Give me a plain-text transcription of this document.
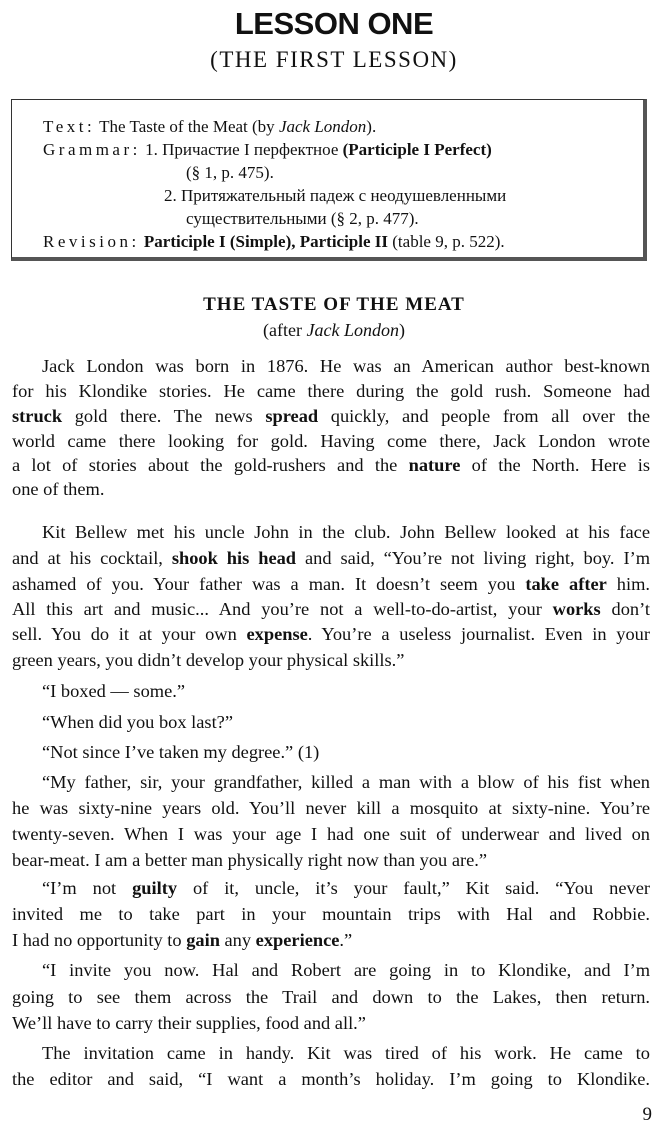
LESSON ONE
(THE FIRST LESSON)
Text: The Taste of the Meat (by Jack London).
Grammar: 1. Причастие I перфектное (Participle I Perfect)
(§ 1, p. 475).
2. Притяжательный падеж с неодушевленными
существительными (§ 2, p. 477).
Revision: Participle I (Simple), Participle II (table 9, p. 522).
THE TASTE OF THE MEAT
(after Jack London)
Jack London was born in 1876. He was an American author best-known
for his Klondike stories. He came there during the gold rush. Someone had
struck gold there. The news spread quickly, and people from all over the
world came there looking for gold. Having come there, Jack London wrote
a lot of stories about the gold-rushers and the nature of the North. Here is
one of them.
Kit Bellew met his uncle John in the club. John Bellew looked at his face
and at his cocktail, shook his head and said, “You’re not living right, boy. I’m
ashamed of you. Your father was a man. It doesn’t seem you take after him.
All this art and music... And you’re not a well-to-do-artist, your works don’t
sell. You do it at your own expense. You’re a useless journalist. Even in your
green years, you didn’t develop your physical skills.”
“I boxed — some.”
“When did you box last?”
“Not since I’ve taken my degree.” (1)
“My father, sir, your grandfather, killed a man with a blow of his fist when
he was sixty-nine years old. You’ll never kill a mosquito at sixty-nine. You’re
twenty-seven. When I was your age I had one suit of underwear and lived on
bear-meat. I am a better man physically right now than you are.”
“I’m not guilty of it, uncle, it’s your fault,” Kit said. “You never
invited me to take part in your mountain trips with Hal and Robbie.
I had no opportunity to gain any experience.”
“I invite you now. Hal and Robert are going in to Klondike, and I’m
going to see them across the Trail and down to the Lakes, then return.
We’ll have to carry their supplies, food and all.”
The invitation came in handy. Kit was tired of his work. He came to
the editor and said, “I want a month’s holiday. I’m going to Klondike.
9
